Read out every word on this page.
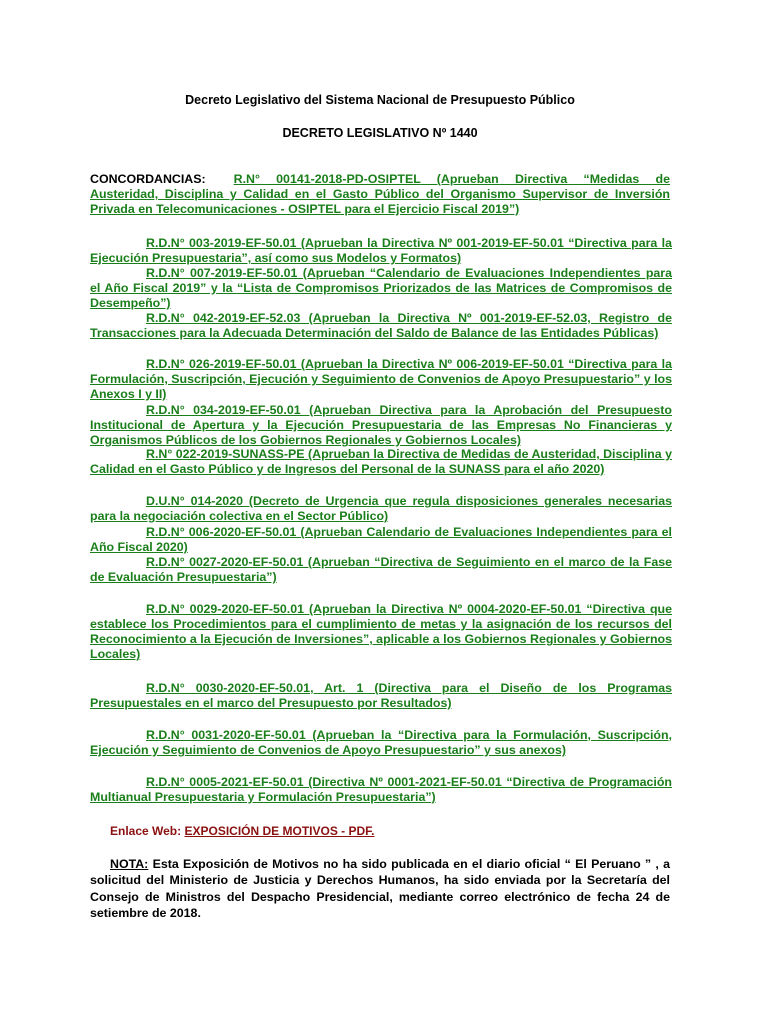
Decreto Legislativo del Sistema Nacional de Presupuesto Público
DECRETO LEGISLATIVO Nº 1440
CONCORDANCIAS: R.N° 00141-2018-PD-OSIPTEL (Aprueban Directiva “Medidas de Austeridad, Disciplina y Calidad en el Gasto Público del Organismo Supervisor de Inversión Privada en Telecomunicaciones - OSIPTEL para el Ejercicio Fiscal 2019”)
R.D.N° 003-2019-EF-50.01 (Aprueban la Directiva Nº 001-2019-EF-50.01 “Directiva para la Ejecución Presupuestaria”, así como sus Modelos y Formatos)
R.D.N° 007-2019-EF-50.01 (Aprueban “Calendario de Evaluaciones Independientes para el Año Fiscal 2019” y la “Lista de Compromisos Priorizados de las Matrices de Compromisos de Desempeño”)
R.D.N° 042-2019-EF-52.03 (Aprueban la Directiva Nº 001-2019-EF-52.03, Registro de Transacciones para la Adecuada Determinación del Saldo de Balance de las Entidades Públicas)
R.D.N° 026-2019-EF-50.01 (Aprueban la Directiva Nº 006-2019-EF-50.01 “Directiva para la Formulación, Suscripción, Ejecución y Seguimiento de Convenios de Apoyo Presupuestario” y los Anexos I y II)
R.D.N° 034-2019-EF-50.01 (Aprueban Directiva para la Aprobación del Presupuesto Institucional de Apertura y la Ejecución Presupuestaria de las Empresas No Financieras y Organismos Públicos de los Gobiernos Regionales y Gobiernos Locales)
R.N° 022-2019-SUNASS-PE (Aprueban la Directiva de Medidas de Austeridad, Disciplina y Calidad en el Gasto Público y de Ingresos del Personal de la SUNASS para el año 2020)
D.U.N° 014-2020 (Decreto de Urgencia que regula disposiciones generales necesarias para la negociación colectiva en el Sector Público)
R.D.N° 006-2020-EF-50.01 (Aprueban Calendario de Evaluaciones Independientes para el Año Fiscal 2020)
R.D.N° 0027-2020-EF-50.01 (Aprueban “Directiva de Seguimiento en el marco de la Fase de Evaluación Presupuestaria”)
R.D.N° 0029-2020-EF-50.01 (Aprueban la Directiva Nº 0004-2020-EF-50.01 “Directiva que establece los Procedimientos para el cumplimiento de metas y la asignación de los recursos del Reconocimiento a la Ejecución de Inversiones”, aplicable a los Gobiernos Regionales y Gobiernos Locales)
R.D.N° 0030-2020-EF-50.01, Art. 1 (Directiva para el Diseño de los Programas Presupuestales en el marco del Presupuesto por Resultados)
R.D.N° 0031-2020-EF-50.01 (Aprueban la “Directiva para la Formulación, Suscripción, Ejecución y Seguimiento de Convenios de Apoyo Presupuestario” y sus anexos)
R.D.N° 0005-2021-EF-50.01 (Directiva Nº 0001-2021-EF-50.01 “Directiva de Programación Multianual Presupuestaria y Formulación Presupuestaria”)
Enlace Web: EXPOSICIÓN DE MOTIVOS - PDF.
NOTA: Esta Exposición de Motivos no ha sido publicada en el diario oficial “ El Peruano ” , a solicitud del Ministerio de Justicia y Derechos Humanos, ha sido enviada por la Secretaría del Consejo de Ministros del Despacho Presidencial, mediante correo electrónico de fecha 24 de setiembre de 2018.
